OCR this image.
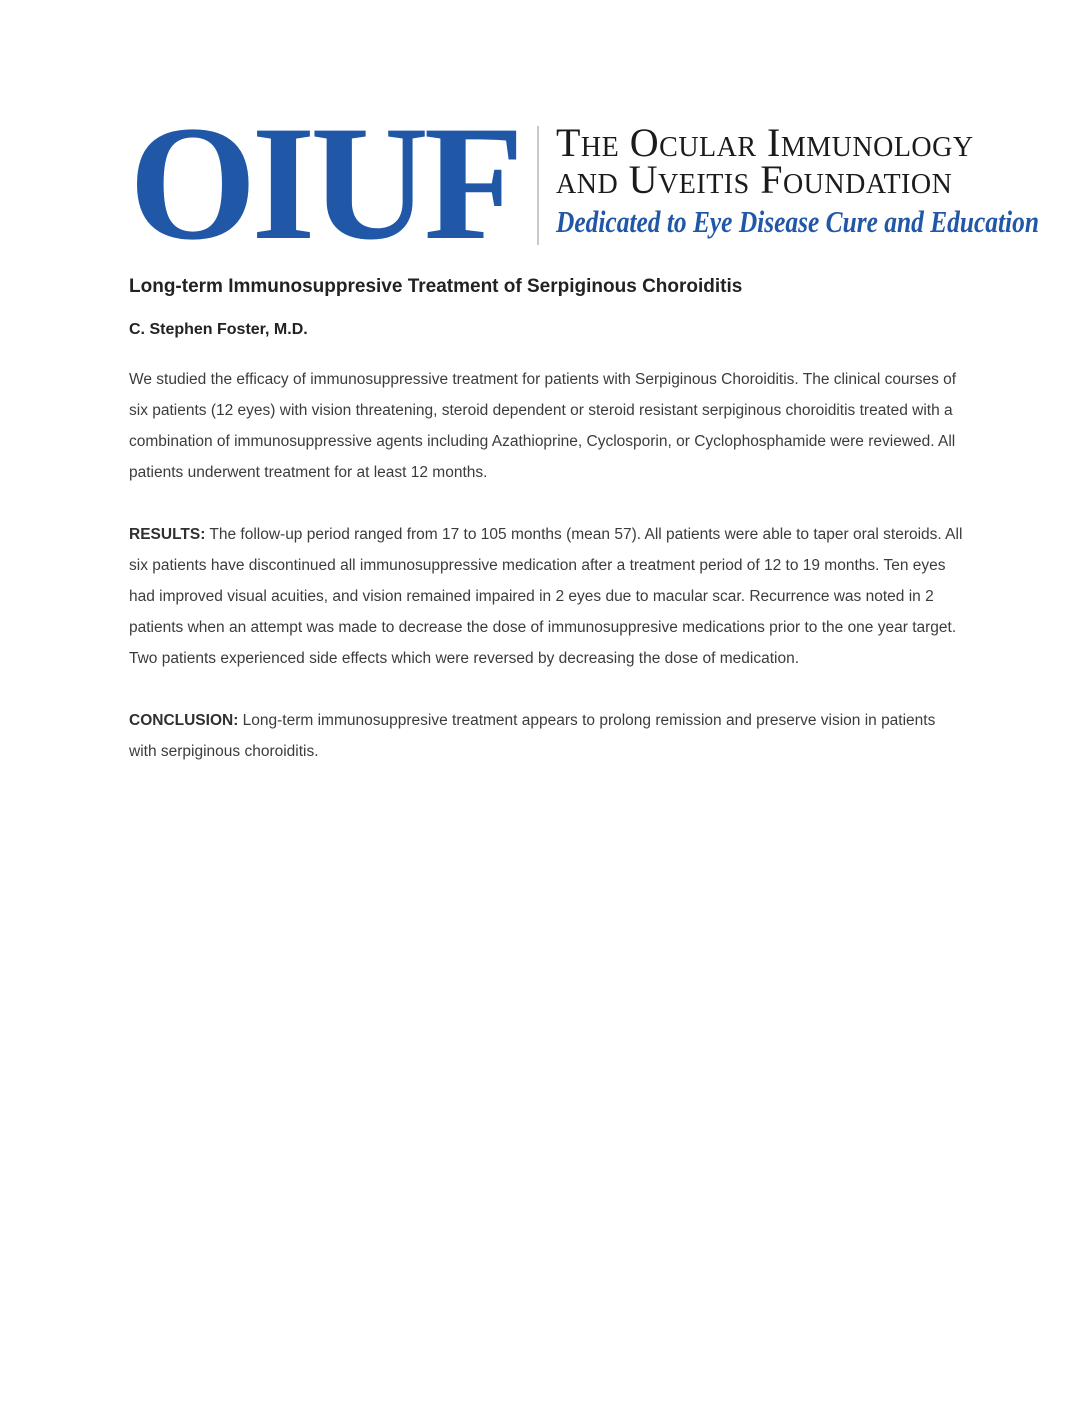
OIUF The Ocular Immunology
and Uveitis Foundation
Dedicated to Eye Disease Cure and Education
Long-term Immunosuppresive Treatment of Serpiginous Choroiditis

C. Stephen Foster, M.D.

We studied the efficacy of immunosuppressive treatment for patients with Serpiginous Choroiditis. The clinical courses of six patients (12 eyes) with vision threatening, steroid dependent or steroid resistant serpiginous choroiditis treated with a combination of immunosuppressive agents including Azathioprine, Cyclosporin, or Cyclophosphamide were reviewed. All patients underwent treatment for at least 12 months.

RESULTS: The follow-up period ranged from 17 to 105 months (mean 57). All patients were able to taper oral steroids. All six patients have discontinued all immunosuppressive medication after a treatment period of 12 to 19 months. Ten eyes had improved visual acuities, and vision remained impaired in 2 eyes due to macular scar. Recurrence was noted in 2 patients when an attempt was made to decrease the dose of immunosuppresive medications prior to the one year target. Two patients experienced side effects which were reversed by decreasing the dose of medication.

CONCLUSION: Long-term immunosuppresive treatment appears to prolong remission and preserve vision in patients with serpiginous choroiditis.
